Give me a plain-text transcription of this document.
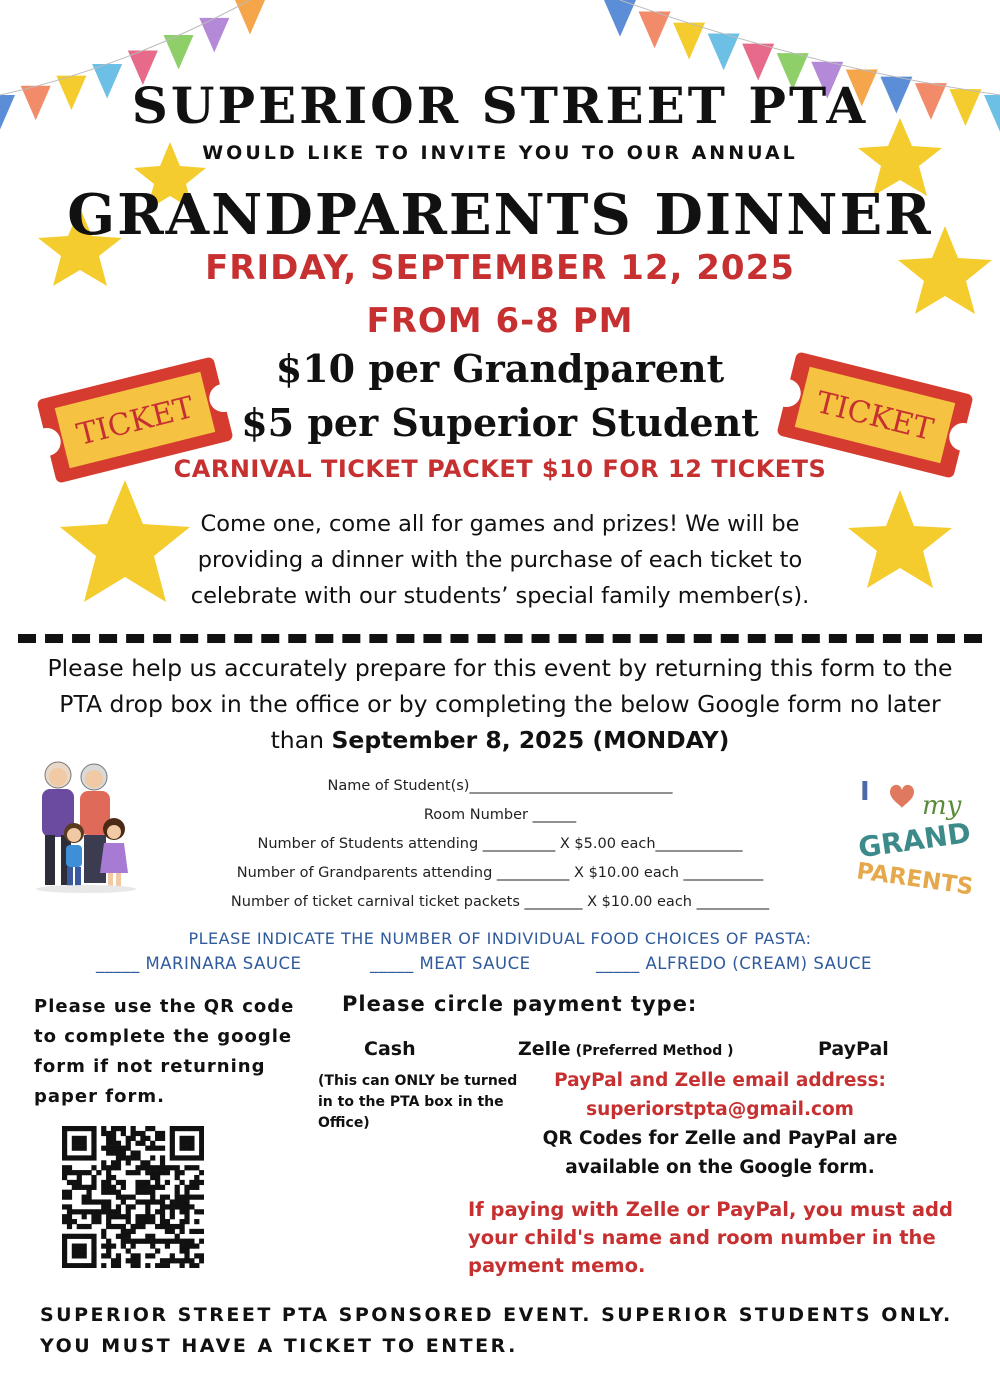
TICKET	TICKET
SUPERIOR STREET PTA
WOULD LIKE TO INVITE YOU TO OUR ANNUAL
GRANDPARENTS DINNER
FRIDAY, SEPTEMBER 12, 2025
FROM 6-8 PM
$10 per Grandparent
$5 per Superior Student
CARNIVAL TICKET PACKET $10 FOR 12 TICKETS
Come one, come all for games and prizes! We will be providing a dinner with the purchase of each ticket to celebrate with our students’ special family member(s).
Please help us accurately prepare for this event by returning this form to the PTA drop box in the office or by completing the below Google form no later than September 8, 2025 (MONDAY)
I my
GRAND
PARENTS
Name of Student(s)____________________________
Room Number ______
Number of Students attending __________ X $5.00 each____________
Number of Grandparents attending __________ X $10.00 each ___________
Number of ticket carnival ticket packets ________ X $10.00 each __________
PLEASE INDICATE THE NUMBER OF INDIVIDUAL FOOD CHOICES OF PASTA:
_____ MARINARA SAUCE	_____ MEAT SAUCE	_____ ALFREDO (CREAM) SAUCE
Please use the QR code to complete the google form if not returning paper form.
Please circle payment type:
Cash
(This can ONLY be turned in to the PTA box in the Office)
Zelle (Preferred Method )	PayPal
PayPal and Zelle email address:
superiorstpta@gmail.com
QR Codes for Zelle and PayPal are available on the Google form.
If paying with Zelle or PayPal, you must add your child's name and room number in the payment memo.
SUPERIOR STREET PTA SPONSORED EVENT. SUPERIOR STUDENTS ONLY.
YOU MUST HAVE A TICKET TO ENTER.
